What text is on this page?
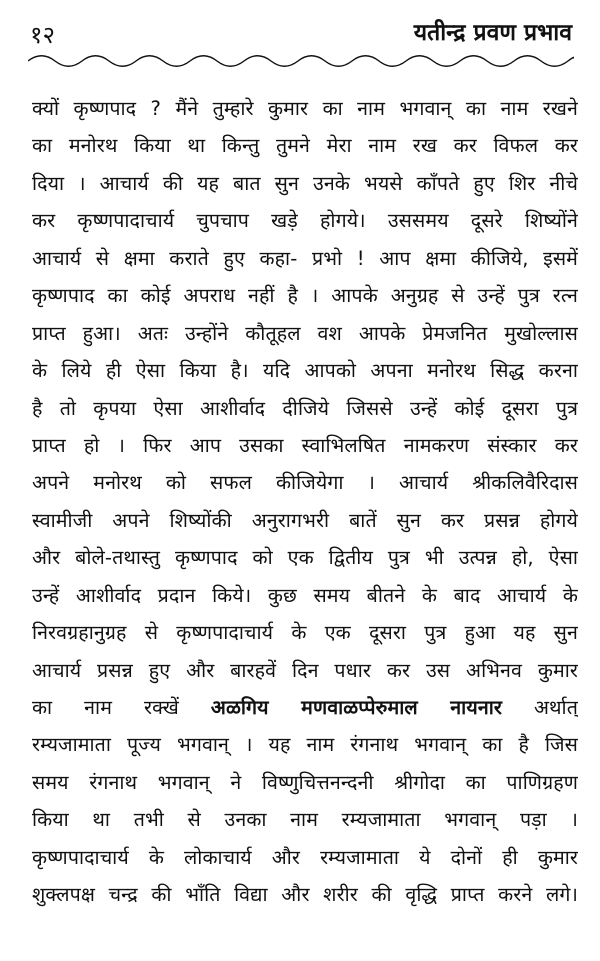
१२	यतीन्द्र प्रवण प्रभाव
क्यों कृष्णपाद ? मैंने तुम्हारे कुमार का नाम भगवान् का नाम रखने
का मनोरथ किया था किन्तु तुमने मेरा नाम रख कर विफल कर
दिया । आचार्य की यह बात सुन उनके भयसे काँपते हुए शिर नीचे
कर कृष्णपादाचार्य चुपचाप खड़े होगये। उससमय दूसरे शिष्योंने
आचार्य से क्षमा कराते हुए कहा- प्रभो ! आप क्षमा कीजिये, इसमें
कृष्णपाद का कोई अपराध नहीं है । आपके अनुग्रह से उन्हें पुत्र रत्न
प्राप्त हुआ। अतः उन्होंने कौतूहल वश आपके प्रेमजनित मुखोल्लास
के लिये ही ऐसा किया है। यदि आपको अपना मनोरथ सिद्ध करना
है तो कृपया ऐसा आशीर्वाद दीजिये जिससे उन्हें कोई दूसरा पुत्र
प्राप्त हो । फिर आप उसका स्वाभिलषित नामकरण संस्कार कर
अपने मनोरथ को सफल कीजियेगा । आचार्य श्रीकलिवैरिदास
स्वामीजी अपने शिष्योंकी अनुरागभरी बातें सुन कर प्रसन्न होगये
और बोले-तथास्तु कृष्णपाद को एक द्वितीय पुत्र भी उत्पन्न हो, ऐसा
उन्हें आशीर्वाद प्रदान किये। कुछ समय बीतने के बाद आचार्य के
निरवग्रहानुग्रह से कृष्णपादाचार्य के एक दूसरा पुत्र हुआ यह सुन
आचार्य प्रसन्न हुए और बारहवें दिन पधार कर उस अभिनव कुमार
का नाम रक्खें अळगिय मणवाळप्पेरुमाल नायनार अर्थात्
रम्यजामाता पूज्य भगवान् । यह नाम रंगनाथ भगवान् का है जिस
समय रंगनाथ भगवान् ने विष्णुचित्तनन्दनी श्रीगोदा का पाणिग्रहण
किया था तभी से उनका नाम रम्यजामाता भगवान् पड़ा ।
कृष्णपादाचार्य के लोकाचार्य और रम्यजामाता ये दोनों ही कुमार
शुक्लपक्ष चन्द्र की भाँति विद्या और शरीर की वृद्धि प्राप्त करने लगे।
